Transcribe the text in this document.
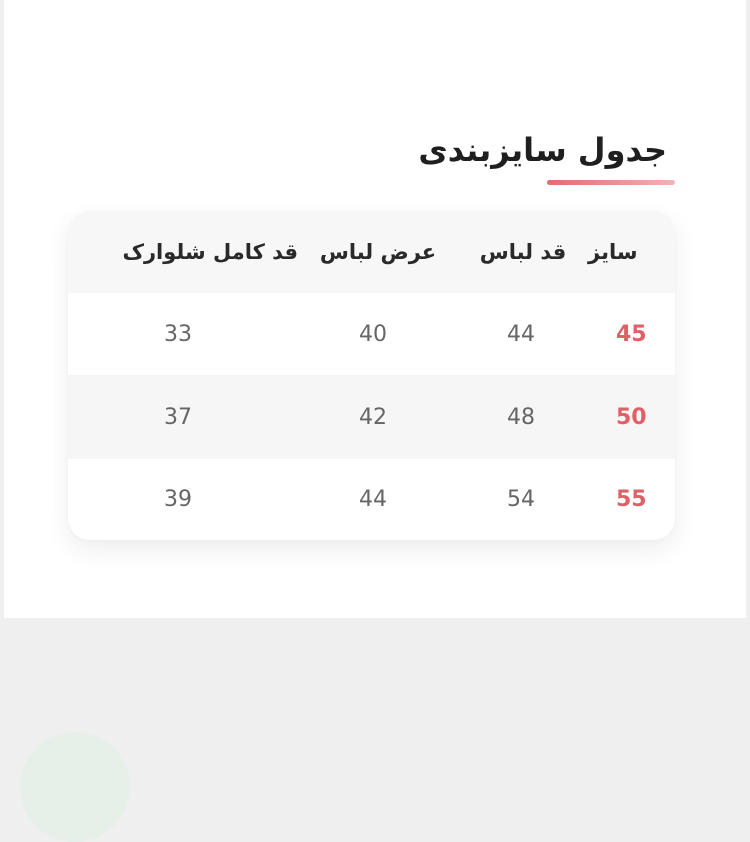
جدول سایزبندی
سایز
قد لباس
عرض لباس
قد کامل شلوارک
45
44
40
33
50
48
42
37
55
54
44
39
